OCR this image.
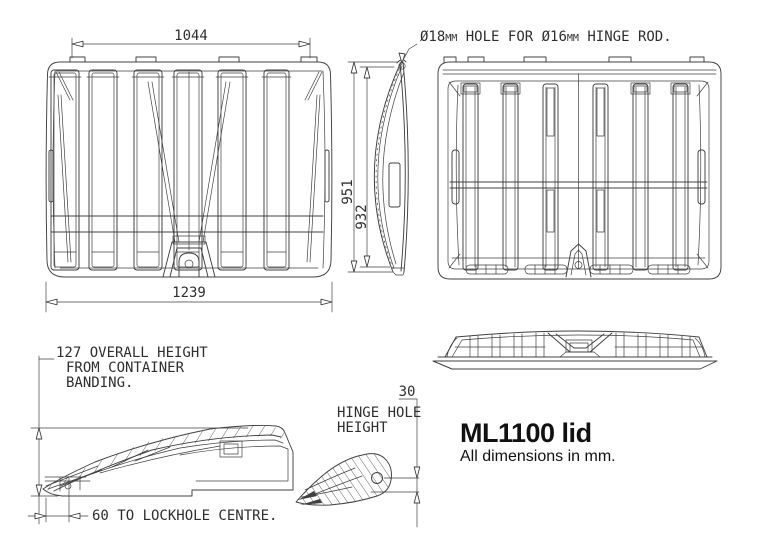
1044
1239
951
932
Ø18mm HOLE FOR Ø16mm HINGE ROD.
127 OVERALL HEIGHT
FROM CONTAINER
BANDING.
60 TO LOCKHOLE CENTRE.
30
HINGE HOLE
HEIGHT	ML1100 lid
All dimensions in mm.
